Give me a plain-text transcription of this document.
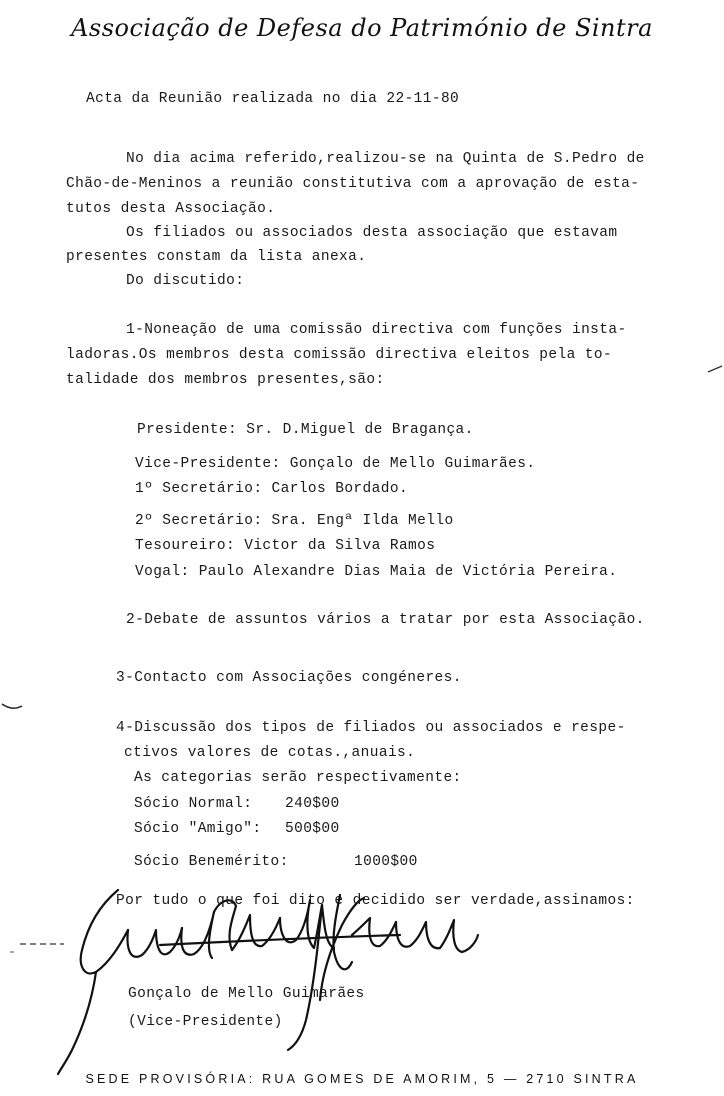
Associação de Defesa do Património de Sintra
Acta da Reunião realizada no dia 22-11-80
No dia acima referido,realizou-se na Quinta de S.Pedro de
Chão-de-Meninos a reunião constitutiva com a aprovação de esta-
tutos desta Associação.
Os filiados ou associados desta associação que estavam
presentes constam da lista anexa.
Do discutido:
1-Noneação de uma comissão directiva com funções insta-
ladoras.Os membros desta comissão directiva eleitos pela to-
talidade dos membros presentes,são:
Presidente: Sr. D.Miguel de Bragança.
Vice-Presidente: Gonçalo de Mello Guimarães.
1º Secretário: Carlos Bordado.
2º Secretário: Sra. Engª Ilda Mello
Tesoureiro: Victor da Silva Ramos
Vogal: Paulo Alexandre Dias Maia de Victória Pereira.
2-Debate de assuntos vários a tratar por esta Associação.
3-Contacto com Associações congéneres.
4-Discussão dos tipos de filiados ou associados e respe-
ctivos valores de cotas.,anuais.
As categorias serão respectivamente:
Sócio Normal: 240$00
Sócio "Amigo": 500$00
Sócio Benemérito:	1000$00
Por tudo o que foi dito e decidido ser verdade,assinamos:
Gonçalo de Mello Guimarães
(Vice-Presidente)
SEDE PROVISÓRIA: RUA GOMES DE AMORIM, 5 — 2710 SINTRA
